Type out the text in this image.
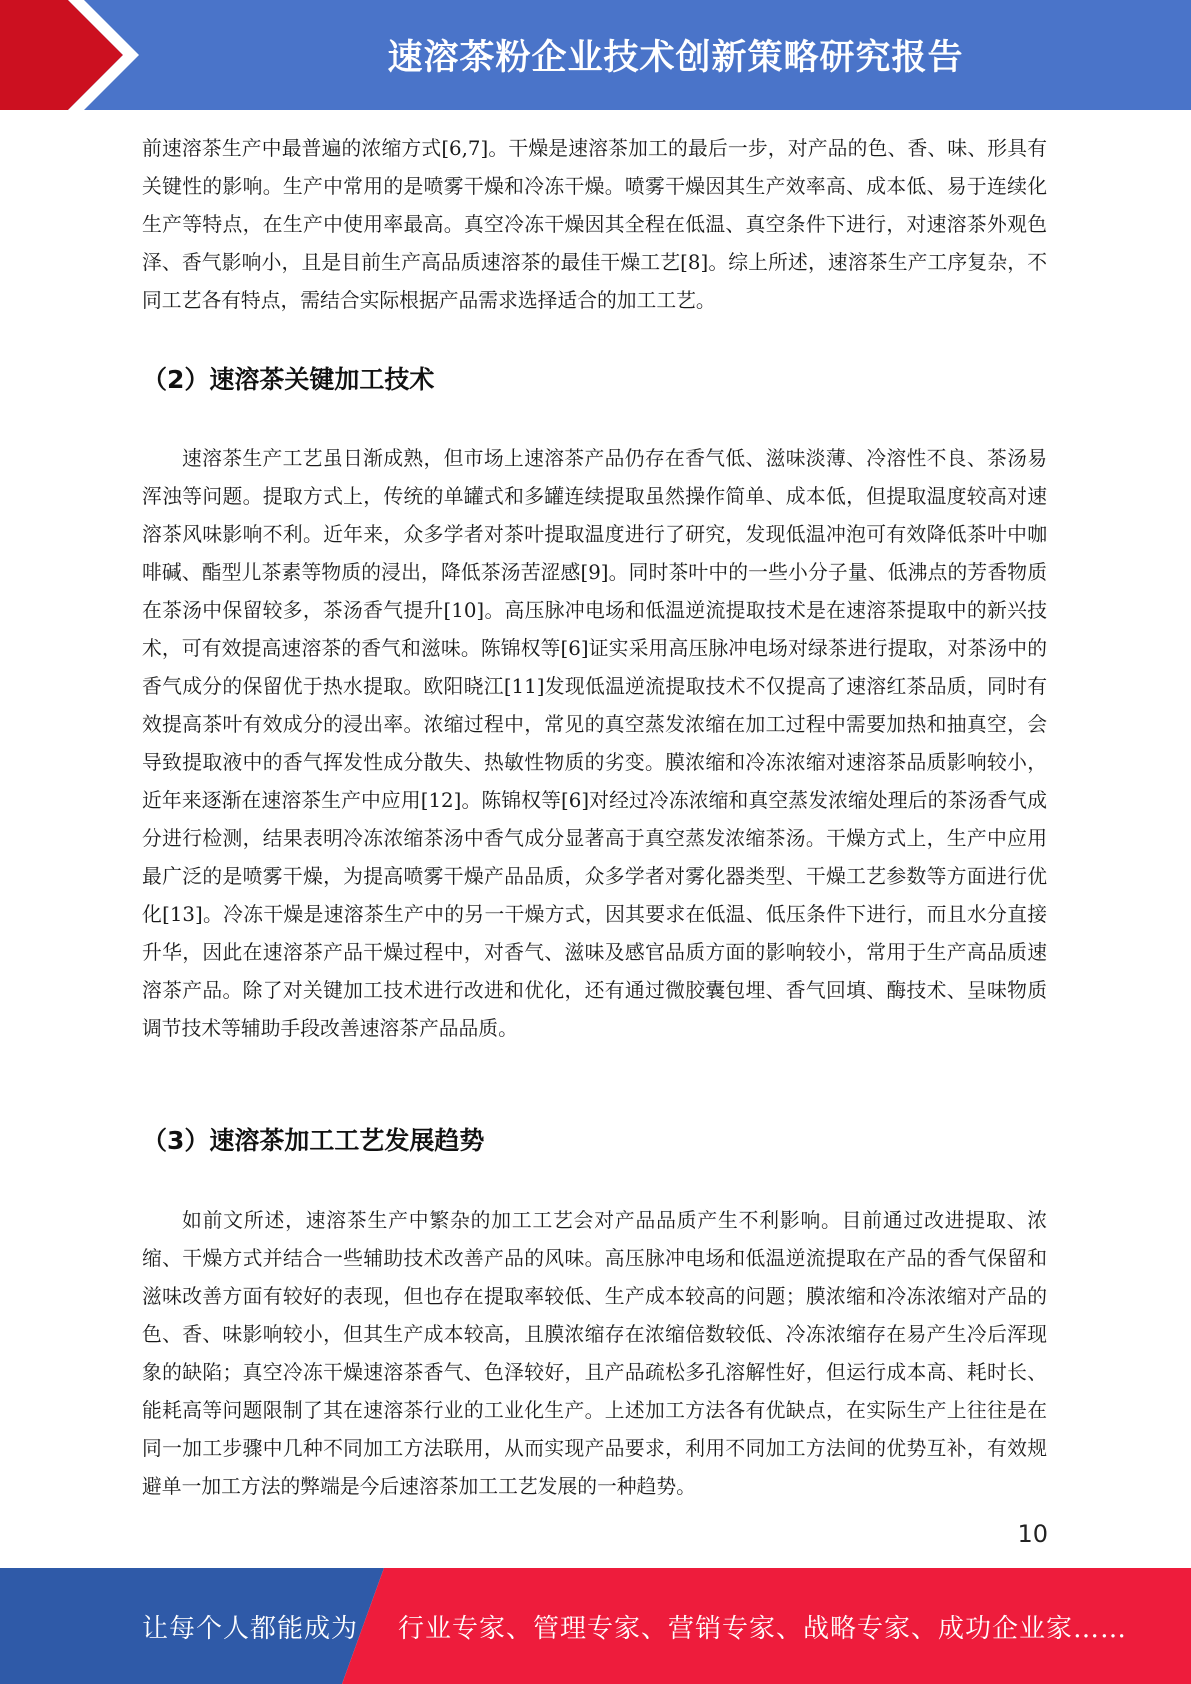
速溶茶粉企业技术创新策略研究报告

前速溶茶生产中最普遍的浓缩方式[6,7]。干燥是速溶茶加工的最后一步，对产品的色、香、味、形具有关键性的影响。生产中常用的是喷雾干燥和冷冻干燥。喷雾干燥因其生产效率高、成本低、易于连续化生产等特点，在生产中使用率最高。真空冷冻干燥因其全程在低温、真空条件下进行，对速溶茶外观色泽、香气影响小，且是目前生产高品质速溶茶的最佳干燥工艺[8]。综上所述，速溶茶生产工序复杂，不同工艺各有特点，需结合实际根据产品需求选择适合的加工工艺。

（2）速溶茶关键加工技术

速溶茶生产工艺虽日渐成熟，但市场上速溶茶产品仍存在香气低、滋味淡薄、冷溶性不良、茶汤易浑浊等问题。提取方式上，传统的单罐式和多罐连续提取虽然操作简单、成本低，但提取温度较高对速溶茶风味影响不利。近年来，众多学者对茶叶提取温度进行了研究，发现低温冲泡可有效降低茶叶中咖啡碱、酯型儿茶素等物质的浸出，降低茶汤苦涩感[9]。同时茶叶中的一些小分子量、低沸点的芳香物质在茶汤中保留较多，茶汤香气提升[10]。高压脉冲电场和低温逆流提取技术是在速溶茶提取中的新兴技术，可有效提高速溶茶的香气和滋味。陈锦权等[6]证实采用高压脉冲电场对绿茶进行提取，对茶汤中的香气成分的保留优于热水提取。欧阳晓江[11]发现低温逆流提取技术不仅提高了速溶红茶品质，同时有效提高茶叶有效成分的浸出率。浓缩过程中，常见的真空蒸发浓缩在加工过程中需要加热和抽真空，会导致提取液中的香气挥发性成分散失、热敏性物质的劣变。膜浓缩和冷冻浓缩对速溶茶品质影响较小，近年来逐渐在速溶茶生产中应用[12]。陈锦权等[6]对经过冷冻浓缩和真空蒸发浓缩处理后的茶汤香气成分进行检测，结果表明冷冻浓缩茶汤中香气成分显著高于真空蒸发浓缩茶汤。干燥方式上，生产中应用最广泛的是喷雾干燥，为提高喷雾干燥产品品质，众多学者对雾化器类型、干燥工艺参数等方面进行优化[13]。冷冻干燥是速溶茶生产中的另一干燥方式，因其要求在低温、低压条件下进行，而且水分直接升华，因此在速溶茶产品干燥过程中，对香气、滋味及感官品质方面的影响较小，常用于生产高品质速溶茶产品。除了对关键加工技术进行改进和优化，还有通过微胶囊包埋、香气回填、酶技术、呈味物质调节技术等辅助手段改善速溶茶产品品质。

（3）速溶茶加工工艺发展趋势

如前文所述，速溶茶生产中繁杂的加工工艺会对产品品质产生不利影响。目前通过改进提取、浓缩、干燥方式并结合一些辅助技术改善产品的风味。高压脉冲电场和低温逆流提取在产品的香气保留和滋味改善方面有较好的表现，但也存在提取率较低、生产成本较高的问题；膜浓缩和冷冻浓缩对产品的色、香、味影响较小，但其生产成本较高，且膜浓缩存在浓缩倍数较低、冷冻浓缩存在易产生冷后浑现象的缺陷；真空冷冻干燥速溶茶香气、色泽较好，且产品疏松多孔溶解性好，但运行成本高、耗时长、能耗高等问题限制了其在速溶茶行业的工业化生产。上述加工方法各有优缺点，在实际生产上往往是在同一加工步骤中几种不同加工方法联用，从而实现产品要求，利用不同加工方法间的优势互补，有效规避单一加工方法的弊端是今后速溶茶加工工艺发展的一种趋势。

10
让每个人都能成为 行业专家、管理专家、营销专家、战略专家、成功企业家……
